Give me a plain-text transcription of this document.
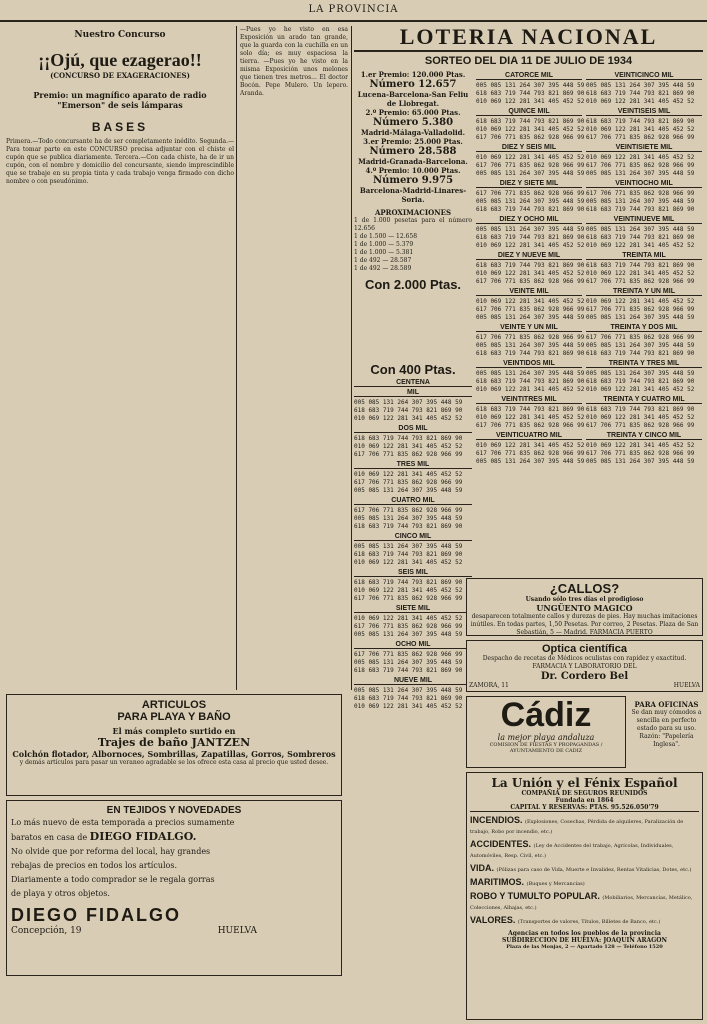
LA PROVINCIA
Nuestro Concurso
¡¡Ojú, que ezagerao!!
(CONCURSO DE EXAGERACIONES)
Premio: un magnífico aparato de radio "Emerson" de seis lámparas
BASES
Primera.—Todo concursante ha de ser completamente inédito. Segunda.—Para tomar parte en este CONCURSO precisa adjuntar con el chiste el cupón que se publica diariamente. Tercera.—Con cada chiste, ha de ir un cupón, con el nombre y domicilio del concursante, siendo imprescindible que se trabaje en su propia tinta y cada trabajo venga firmado con dicho nombre o con pseudónimo.
—Pues yo he visto en esa Exposición un arado tan grande, que la guarda con la cuchilla en un solo día; es muy espaciosa la tierra. —Pues yo he visto en la misma Exposición unos melones que tienen tres metros... El doctor Bocón. Pepe Mulero. Un lepero. Aranda.
LOTERIA NACIONAL
SORTEO DEL DIA 11 DE JULIO DE 1934
1.er Premio: 120.000 Ptas.
Número 12.657
Lucena-Barcelona-San Feliu de Llobregat.
2.º Premio: 65.000 Ptas.
Número 5.380
Madrid-Málaga-Valladolid.
3.er Premio: 25.000 Ptas.
Número 28.588
Madrid-Granada-Barcelona.
4.º Premio: 10.000 Ptas.
Número 9.975
Barcelona-Madrid-Linares-Soria.
APROXIMACIONES
1 de 1.000 pesetas para el número 12.656
1 de 1.500 — 12.658
1 de 1.000 — 5.379
1 de 1.000 — 5.381
1 de 492 — 28.587
1 de 492 — 28.589
Con 2.000 Ptas.
Con 400 Ptas.
CENTENA
MIL
005 085 131 264 307 395 448 59
618 683 719 744 793 821 869 90
010 069 122 281 341 405 452 52
DOS MIL
618 683 719 744 793 821 869 90
010 069 122 281 341 405 452 52
617 706 771 835 862 928 966 99
TRES MIL
010 069 122 281 341 405 452 52
617 706 771 835 862 928 966 99
005 085 131 264 307 395 448 59
CUATRO MIL
617 706 771 835 862 928 966 99
005 085 131 264 307 395 448 59
618 683 719 744 793 821 869 90
CINCO MIL
005 085 131 264 307 395 448 59
618 683 719 744 793 821 869 90
010 069 122 281 341 405 452 52
SEIS MIL
618 683 719 744 793 821 869 90
010 069 122 281 341 405 452 52
617 706 771 835 862 928 966 99
SIETE MIL
010 069 122 281 341 405 452 52
617 706 771 835 862 928 966 99
005 085 131 264 307 395 448 59
OCHO MIL
617 706 771 835 862 928 966 99
005 085 131 264 307 395 448 59
618 683 719 744 793 821 869 90
NUEVE MIL
005 085 131 264 307 395 448 59
618 683 719 744 793 821 869 90
010 069 122 281 341 405 452 52
CATORCE MIL
005 085 131 264 307 395 448 59
618 683 719 744 793 821 869 90
010 069 122 281 341 405 452 52
QUINCE MIL
618 683 719 744 793 821 869 90
010 069 122 281 341 405 452 52
617 706 771 835 862 928 966 99
DIEZ Y SEIS MIL
010 069 122 281 341 405 452 52
617 706 771 835 862 928 966 99
005 085 131 264 307 395 448 59
DIEZ Y SIETE MIL
617 706 771 835 862 928 966 99
005 085 131 264 307 395 448 59
618 683 719 744 793 821 869 90
DIEZ Y OCHO MIL
005 085 131 264 307 395 448 59
618 683 719 744 793 821 869 90
010 069 122 281 341 405 452 52
DIEZ Y NUEVE MIL
618 683 719 744 793 821 869 90
010 069 122 281 341 405 452 52
617 706 771 835 862 928 966 99
VEINTE MIL
010 069 122 281 341 405 452 52
617 706 771 835 862 928 966 99
005 085 131 264 307 395 448 59
VEINTE Y UN MIL
617 706 771 835 862 928 966 99
005 085 131 264 307 395 448 59
618 683 719 744 793 821 869 90
VEINTIDOS MIL
005 085 131 264 307 395 448 59
618 683 719 744 793 821 869 90
010 069 122 281 341 405 452 52
VEINTITRES MIL
618 683 719 744 793 821 869 90
010 069 122 281 341 405 452 52
617 706 771 835 862 928 966 99
VEINTICUATRO MIL
010 069 122 281 341 405 452 52
617 706 771 835 862 928 966 99
005 085 131 264 307 395 448 59
VEINTICINCO MIL
005 085 131 264 307 395 448 59
618 683 719 744 793 821 869 90
010 069 122 281 341 405 452 52
VEINTISEIS MIL
618 683 719 744 793 821 869 90
010 069 122 281 341 405 452 52
617 706 771 835 862 928 966 99
VEINTISIETE MIL
010 069 122 281 341 405 452 52
617 706 771 835 862 928 966 99
005 085 131 264 307 395 448 59
VEINTIOCHO MIL
617 706 771 835 862 928 966 99
005 085 131 264 307 395 448 59
618 683 719 744 793 821 869 90
VEINTINUEVE MIL
005 085 131 264 307 395 448 59
618 683 719 744 793 821 869 90
010 069 122 281 341 405 452 52
TREINTA MIL
618 683 719 744 793 821 869 90
010 069 122 281 341 405 452 52
617 706 771 835 862 928 966 99
TREINTA Y UN MIL
010 069 122 281 341 405 452 52
617 706 771 835 862 928 966 99
005 085 131 264 307 395 448 59
TREINTA Y DOS MIL
617 706 771 835 862 928 966 99
005 085 131 264 307 395 448 59
618 683 719 744 793 821 869 90
TREINTA Y TRES MIL
005 085 131 264 307 395 448 59
618 683 719 744 793 821 869 90
010 069 122 281 341 405 452 52
TREINTA Y CUATRO MIL
618 683 719 744 793 821 869 90
010 069 122 281 341 405 452 52
617 706 771 835 862 928 966 99
TREINTA Y CINCO MIL
010 069 122 281 341 405 452 52
617 706 771 835 862 928 966 99
005 085 131 264 307 395 448 59
¿CALLOS?
Usando sólo tres días el prodigioso
UNGÜENTO MAGICO
desaparecen totalmente callos y durezas de pies. Hay muchas imitaciones inútiles. En todas partes, 1,50 Pesetas. Por correo, 2 Pesetas. Plaza de San Sebastián, 5 — Madrid. FARMACIA PUERTO
Optica científica
Despacho de recetas de Médicos oculistas con rapidez y exactitud. FARMACIA Y LABORATORIO DEL
Dr. Cordero Bel
ZAMORA, 11	HUELVA
Cádiz
la mejor playa andaluza
COMISION DE FIESTAS Y PROPAGANDAS / AYUNTAMIENTO DE CADIZ
PARA OFICINAS
Se dan muy cómodos a sencilla en perfecto estado para su uso. Razón: "Papelería Inglesa".
La Unión y el Fénix Español
COMPAÑIA DE SEGUROS REUNIDOS
Fundada en 1864
CAPITAL Y RESERVAS: PTAS. 95.526.050'79
INCENDIOS. (Explosiones, Cosechas, Pérdida de alquileres, Paralización de trabajo, Robo por incendio, etc.)
ACCIDENTES. (Ley de Accidentes del trabajo, Agrícolas, Individuales, Automóviles, Resp. Civil, etc.)
VIDA. (Pólizas para caso de Vida, Muerte e Invalidez, Rentas Vitalicias, Dotes, etc.)
MARITIMOS. (Buques y Mercancías)
ROBO Y TUMULTO POPULAR. (Mobiliarios, Mercancías, Metálico, Colecciones, Alhajas, etc.)
VALORES. (Transportes de valores, Títulos, Billetes de Banco, etc.)
Agencias en todos los pueblos de la provincia
SUBDIRECCION DE HUELVA: JOAQUIN ARAGON
Plaza de las Monjas, 2 — Apartado 128 — Teléfono 1520
ARTICULOS
PARA PLAYA Y BAÑO
El más completo surtido en
Trajes de baño JANTZEN
Colchón flotador, Albornoces, Sombrillas, Zapatillas, Gorros, Sombreros
y demás artículos para pasar un veraneo agradable se los ofrece esta casa al precio que usted desee.
EN TEJIDOS Y NOVEDADES
Lo más nuevo de esta temporada a precios sumamente
baratos en casa de DIEGO FIDALGO.
No olvide que por reforma del local, hay grandes
rebajas de precios en todos los artículos.
Diariamente a todo comprador se le regala gorras
de playa y otros objetos.
DIEGO FIDALGO
Concepción, 19	HUELVA
